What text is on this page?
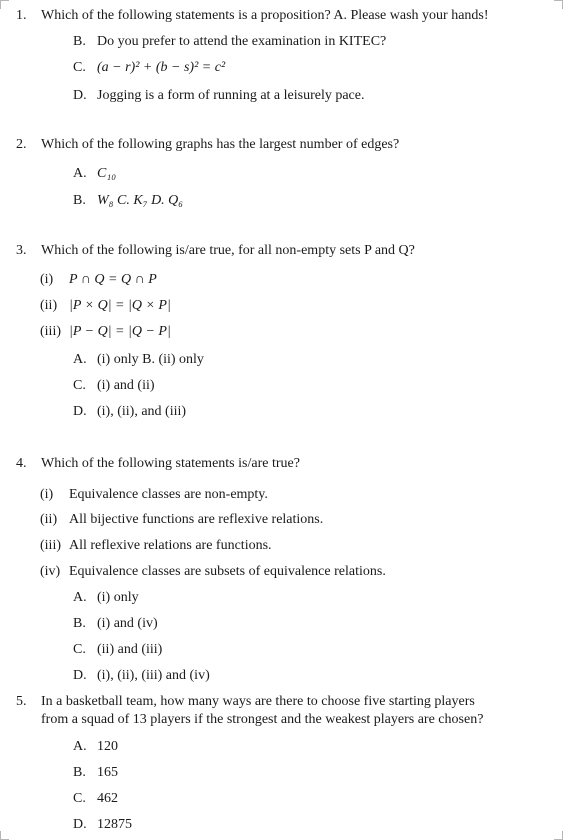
1. Which of the following statements is a proposition? A. Please wash your hands!
B. Do you prefer to attend the examination in KITEC?
C. (a − r)² + (b − s)² = c²
D. Jogging is a form of running at a leisurely pace.
2. Which of the following graphs has the largest number of edges?
A. C₁₀
B. W₈ C. K₇ D. Q₆
3. Which of the following is/are true, for all non-empty sets P and Q?
(i) P ∩ Q = Q ∩ P
(ii) |P × Q| = |Q × P|
(iii) |P − Q| = |Q − P|
A. (i) only B. (ii) only
C. (i) and (ii)
D. (i), (ii), and (iii)
4. Which of the following statements is/are true?
(i) Equivalence classes are non-empty.
(ii) All bijective functions are reflexive relations.
(iii) All reflexive relations are functions.
(iv) Equivalence classes are subsets of equivalence relations.
A. (i) only
B. (i) and (iv)
C. (ii) and (iii)
D. (i), (ii), (iii) and (iv)
5. In a basketball team, how many ways are there to choose five starting players
from a squad of 13 players if the strongest and the weakest players are chosen?
A. 120
B. 165
C. 462
D. 12875
